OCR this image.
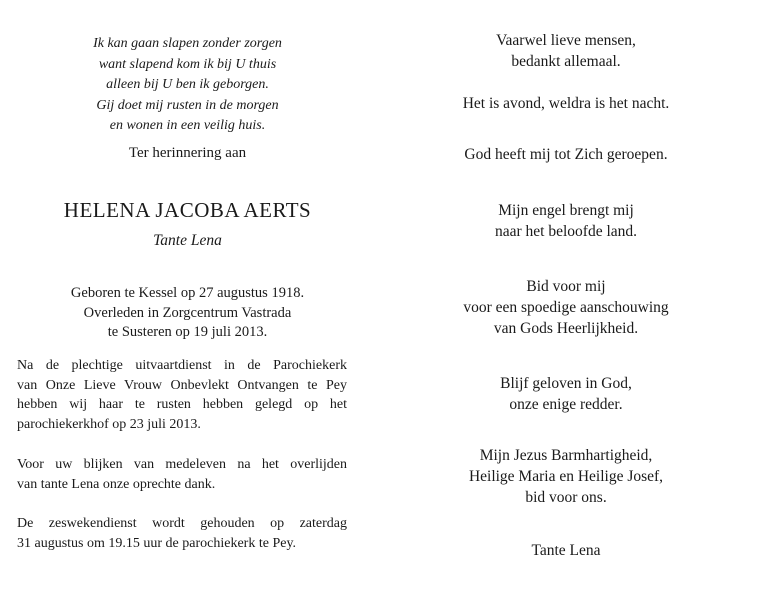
Ik kan gaan slapen zonder zorgen
want slapend kom ik bij U thuis
alleen bij U ben ik geborgen.
Gij doet mij rusten in de morgen
en wonen in een veilig huis.

Ter herinnering aan

HELENA JACOBA AERTS

Tante Lena

Geboren te Kessel op 27 augustus 1918.
Overleden in Zorgcentrum Vastrada
te Susteren op 19 juli 2013.
Na de plechtige uitvaartdienst in de Parochiekerk
van Onze Lieve Vrouw Onbevlekt Ontvangen te Pey
hebben wij haar te rusten hebben gelegd op het
parochiekerkhof op 23 juli 2013.
Voor uw blijken van medeleven na het overlijden
van tante Lena onze oprechte dank.
De zeswekendienst wordt gehouden op zaterdag
31 augustus om 19.15 uur de parochiekerk te Pey.
Vaarwel lieve mensen,
bedankt allemaal.
Het is avond, weldra is het nacht.
God heeft mij tot Zich geroepen.
Mijn engel brengt mij
naar het beloofde land.
Bid voor mij
voor een spoedige aanschouwing
van Gods Heerlijkheid.
Blijf geloven in God,
onze enige redder.
Mijn Jezus Barmhartigheid,
Heilige Maria en Heilige Josef,
bid voor ons.
Tante Lena
